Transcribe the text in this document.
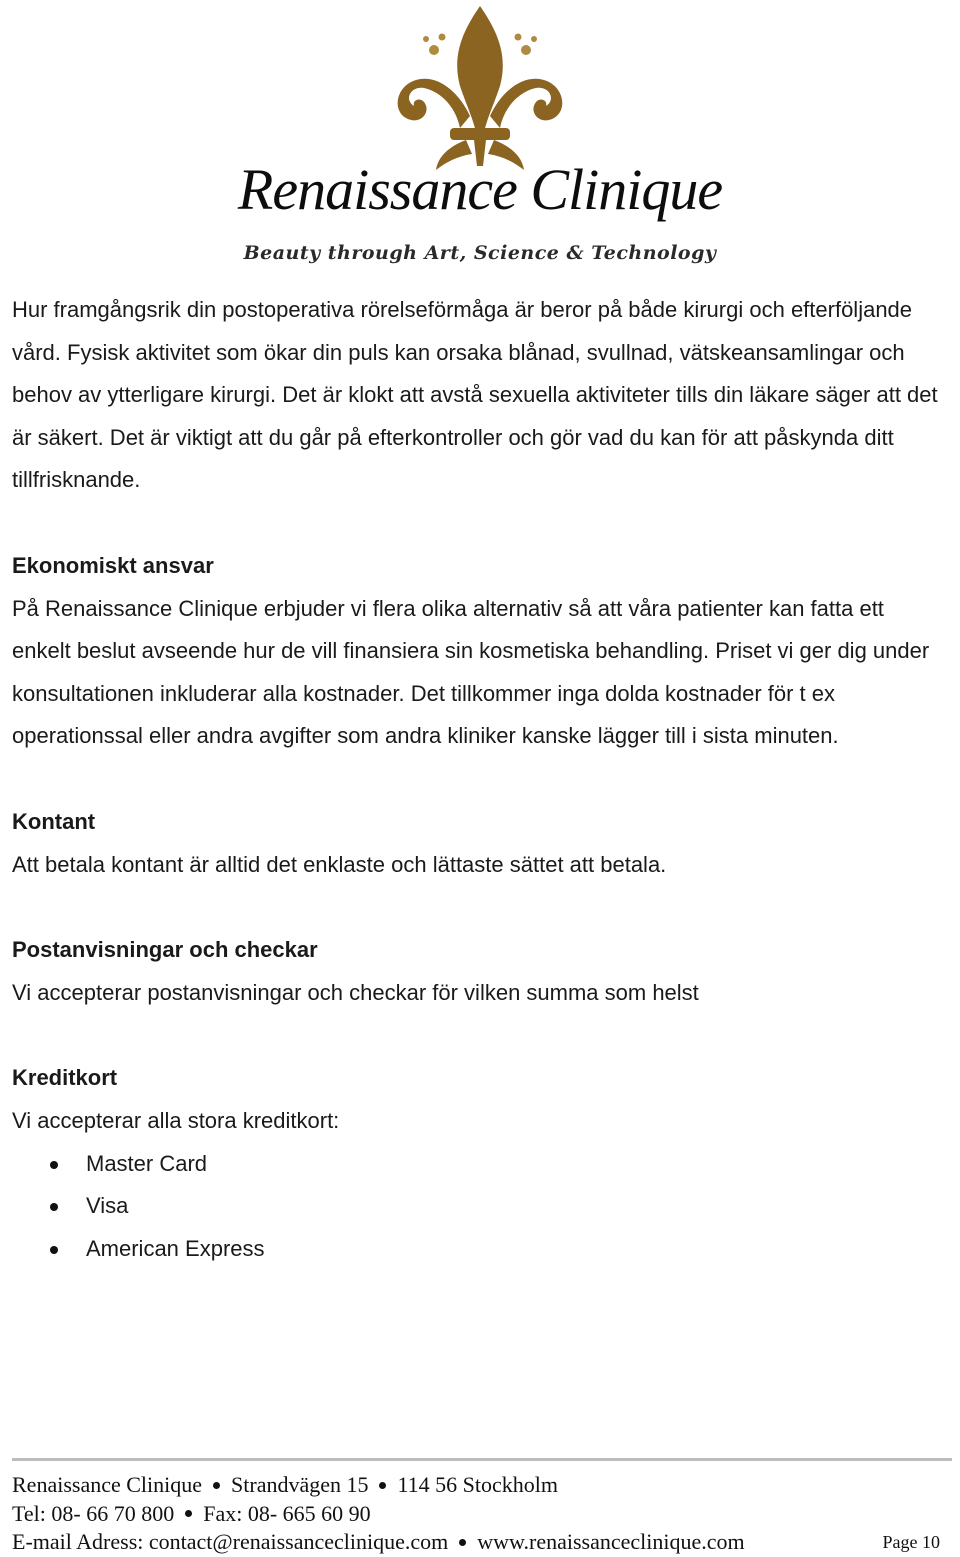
Renaissance Clinique
Beauty through Art, Science & Technology

Hur framgångsrik din postoperativa rörelseförmåga är beror på både kirurgi och efterföljande vård. Fysisk aktivitet som ökar din puls kan orsaka blånad, svullnad, vätskeansamlingar och behov av ytterligare kirurgi. Det är klokt att avstå sexuella aktiviteter tills din läkare säger att det är säkert. Det är viktigt att du går på efterkontroller och gör vad du kan för att påskynda ditt tillfrisknande.

Ekonomiskt ansvar

På Renaissance Clinique erbjuder vi flera olika alternativ så att våra patienter kan fatta ett enkelt beslut avseende hur de vill finansiera sin kosmetiska behandling. Priset vi ger dig under konsultationen inkluderar alla kostnader. Det tillkommer inga dolda kostnader för t ex operationssal eller andra avgifter som andra kliniker kanske lägger till i sista minuten.

Kontant

Att betala kontant är alltid det enklaste och lättaste sättet att betala.

Postanvisningar och checkar

Vi accepterar postanvisningar och checkar för vilken summa som helst

Kreditkort

Vi accepterar alla stora kreditkort:

Master Card
Visa
American Express
Renaissance Clinique Strandvägen 15 114 56 Stockholm
Tel: 08- 66 70 800 Fax: 08- 665 60 90
E-mail Adress: contact@renaissanceclinique.com www.renaissanceclinique.com	Page 10
